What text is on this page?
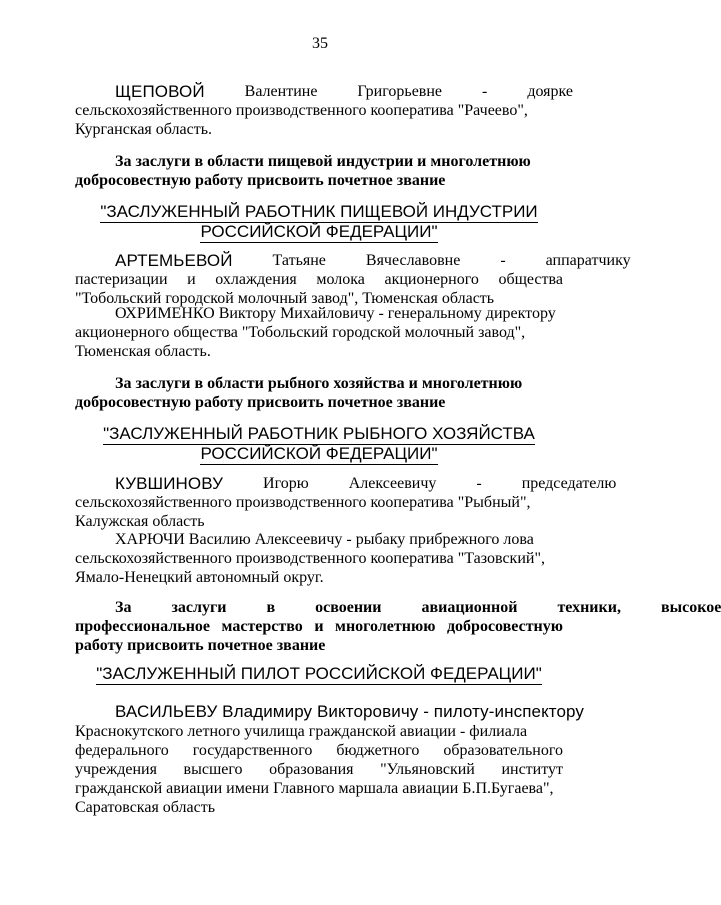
35
ЩЕПОВОЙ	Валентине	Григорьевне	-	доярке
сельскохозяйственного производственного кооператива "Рачеево",
Курганская область.
За заслуги в области пищевой индустрии и многолетнюю
добросовестную работу присвоить почетное звание
"ЗАСЛУЖЕННЫЙ РАБОТНИК ПИЩЕВОЙ ИНДУСТРИИ
РОССИЙСКОЙ ФЕДЕРАЦИИ"
АРТЕМЬЕВОЙ	Татьяне	Вячеславовне	-	аппаратчику
пастеризации и охлаждения молока акционерного общества
"Тобольский городской молочный завод", Тюменская область
ОХРИМЕНКО Виктору Михайловичу - генеральному директору
акционерного общества "Тобольский городской молочный завод",
Тюменская область.
За заслуги в области рыбного хозяйства и многолетнюю
добросовестную работу присвоить почетное звание
"ЗАСЛУЖЕННЫЙ РАБОТНИК РЫБНОГО ХОЗЯЙСТВА
РОССИЙСКОЙ ФЕДЕРАЦИИ"
КУВШИНОВУ	Игорю	Алексеевичу	-	председателю
сельскохозяйственного производственного кооператива "Рыбный",
Калужская область
ХАРЮЧИ Василию Алексеевичу - рыбаку прибрежного лова
сельскохозяйственного производственного кооператива "Тазовский",
Ямало-Ненецкий автономный округ.
За	заслуги	в	освоении	авиационной	техники,	высокое
профессиональное мастерство и многолетнюю добросовестную
работу присвоить почетное звание
"ЗАСЛУЖЕННЫЙ ПИЛОТ РОССИЙСКОЙ ФЕДЕРАЦИИ"
ВАСИЛЬЕВУ Владимиру Викторовичу - пилоту-инспектору
Краснокутского летного училища гражданской авиации - филиала
федерального государственного бюджетного образовательного
учреждения высшего образования "Ульяновский институт
гражданской авиации имени Главного маршала авиации Б.П.Бугаева",
Саратовская область
